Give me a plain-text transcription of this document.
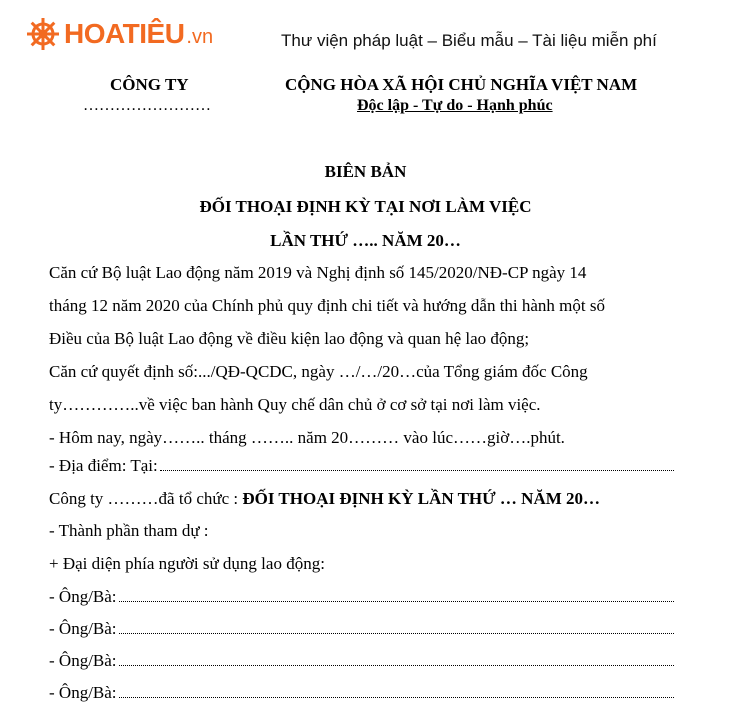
HOATIÊU .vn	Thư viện pháp luật – Biểu mẫu – Tài liệu miễn phí
CÔNG TY
……………………
CỘNG HÒA XÃ HỘI CHỦ NGHĨA VIỆT NAM
Độc lập - Tự do - Hạnh phúc
BIÊN BẢN
ĐỐI THOẠI ĐỊNH KỲ TẠI NƠI LÀM VIỆC
LẦN THỨ ….. NĂM 20…
Căn cứ Bộ luật Lao động năm 2019 và Nghị định số 145/2020/NĐ-CP ngày 14
tháng 12 năm 2020 của Chính phủ quy định chi tiết và hướng dẫn thi hành một số
Điều của Bộ luật Lao động về điều kiện lao động và quan hệ lao động;
Căn cứ quyết định số:.../QĐ-QCDC, ngày …/…/20…của Tổng giám đốc Công
ty…………..về việc ban hành Quy chế dân chủ ở cơ sở tại nơi làm việc.
- Hôm nay, ngày…….. tháng …….. năm 20……… vào lúc……giờ….phút.
- Địa điểm: Tại:
Công ty ………đã tổ chức : ĐỐI THOẠI ĐỊNH KỲ LẦN THỨ … NĂM 20…
- Thành phần tham dự :
+ Đại diện phía người sử dụng lao động:
- Ông/Bà:
- Ông/Bà:
- Ông/Bà:
- Ông/Bà:
